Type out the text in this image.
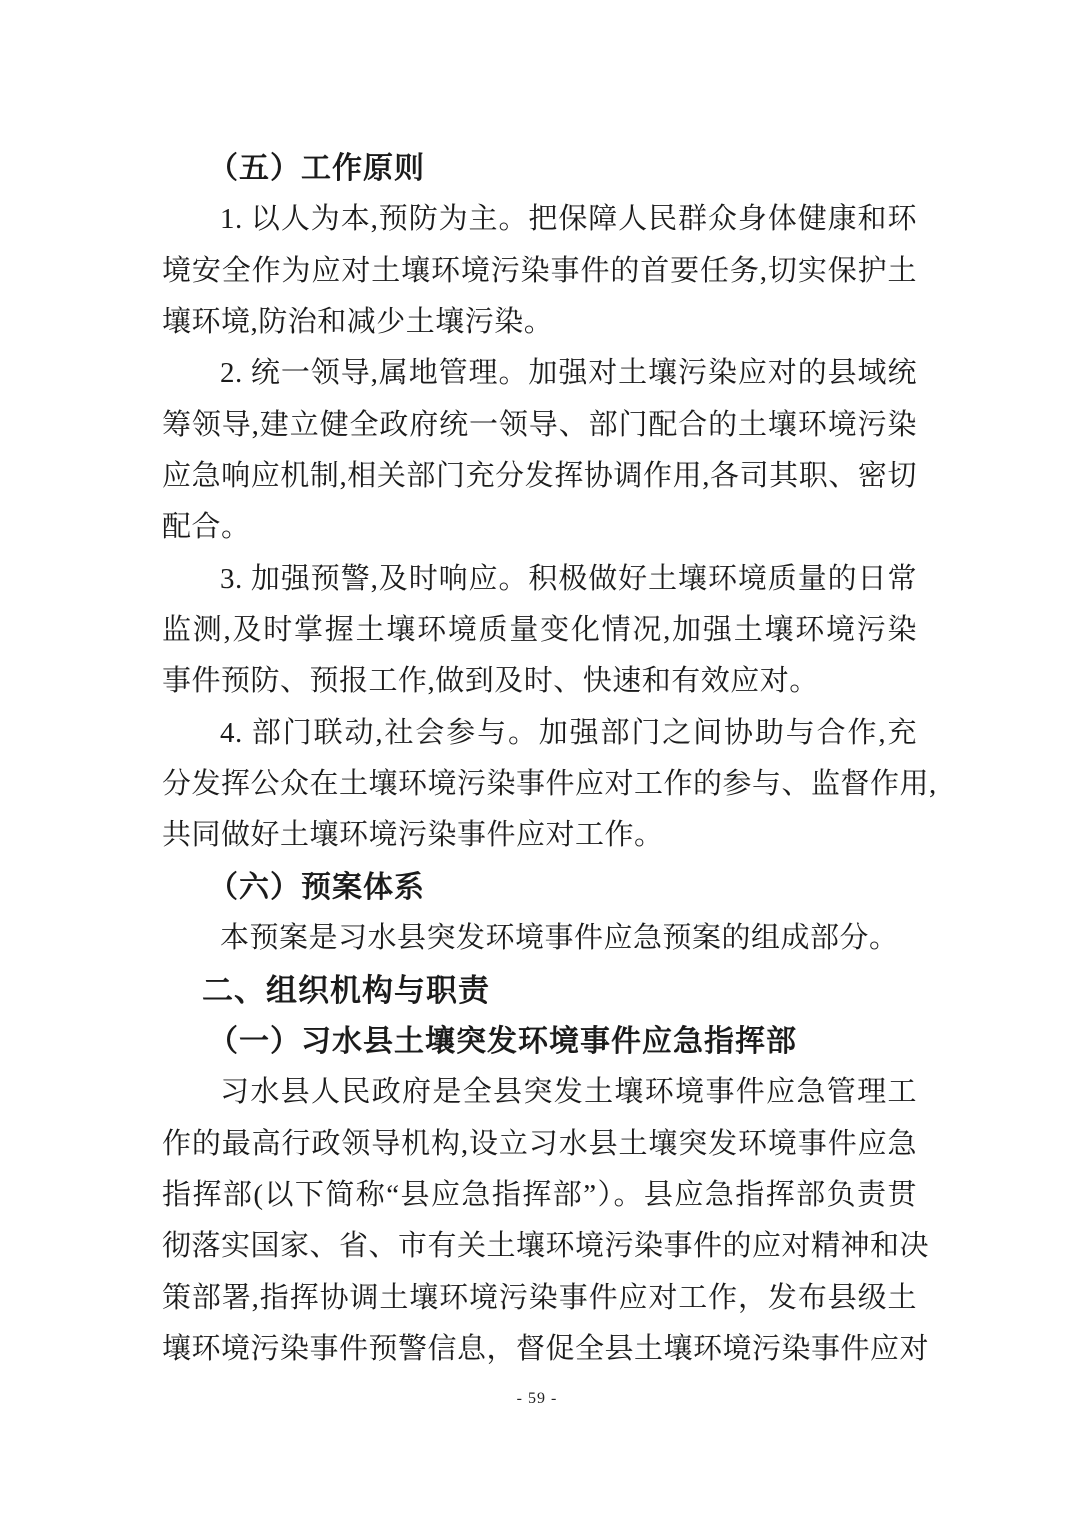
（五）工作原则
1. 以人为本,预防为主。把保障人民群众身体健康和环
境安全作为应对土壤环境污染事件的首要任务,切实保护土
壤环境,防治和减少土壤污染。
2. 统一领导,属地管理。加强对土壤污染应对的县域统
筹领导,建立健全政府统一领导、部门配合的土壤环境污染
应急响应机制,相关部门充分发挥协调作用,各司其职、密切
配合。
3. 加强预警,及时响应。积极做好土壤环境质量的日常
监测,及时掌握土壤环境质量变化情况,加强土壤环境污染
事件预防、预报工作,做到及时、快速和有效应对。
4. 部门联动,社会参与。加强部门之间协助与合作,充
分发挥公众在土壤环境污染事件应对工作的参与、监督作用,
共同做好土壤环境污染事件应对工作。
（六）预案体系
本预案是习水县突发环境事件应急预案的组成部分。
二、组织机构与职责
（一）习水县土壤突发环境事件应急指挥部
习水县人民政府是全县突发土壤环境事件应急管理工
作的最高行政领导机构,设立习水县土壤突发环境事件应急
指挥部(以下简称“县应急指挥部”）。县应急指挥部负责贯
彻落实国家、省、市有关土壤环境污染事件的应对精神和决
策部署,指挥协调土壤环境污染事件应对工作，发布县级土
壤环境污染事件预警信息，督促全县土壤环境污染事件应对
- 59 -
